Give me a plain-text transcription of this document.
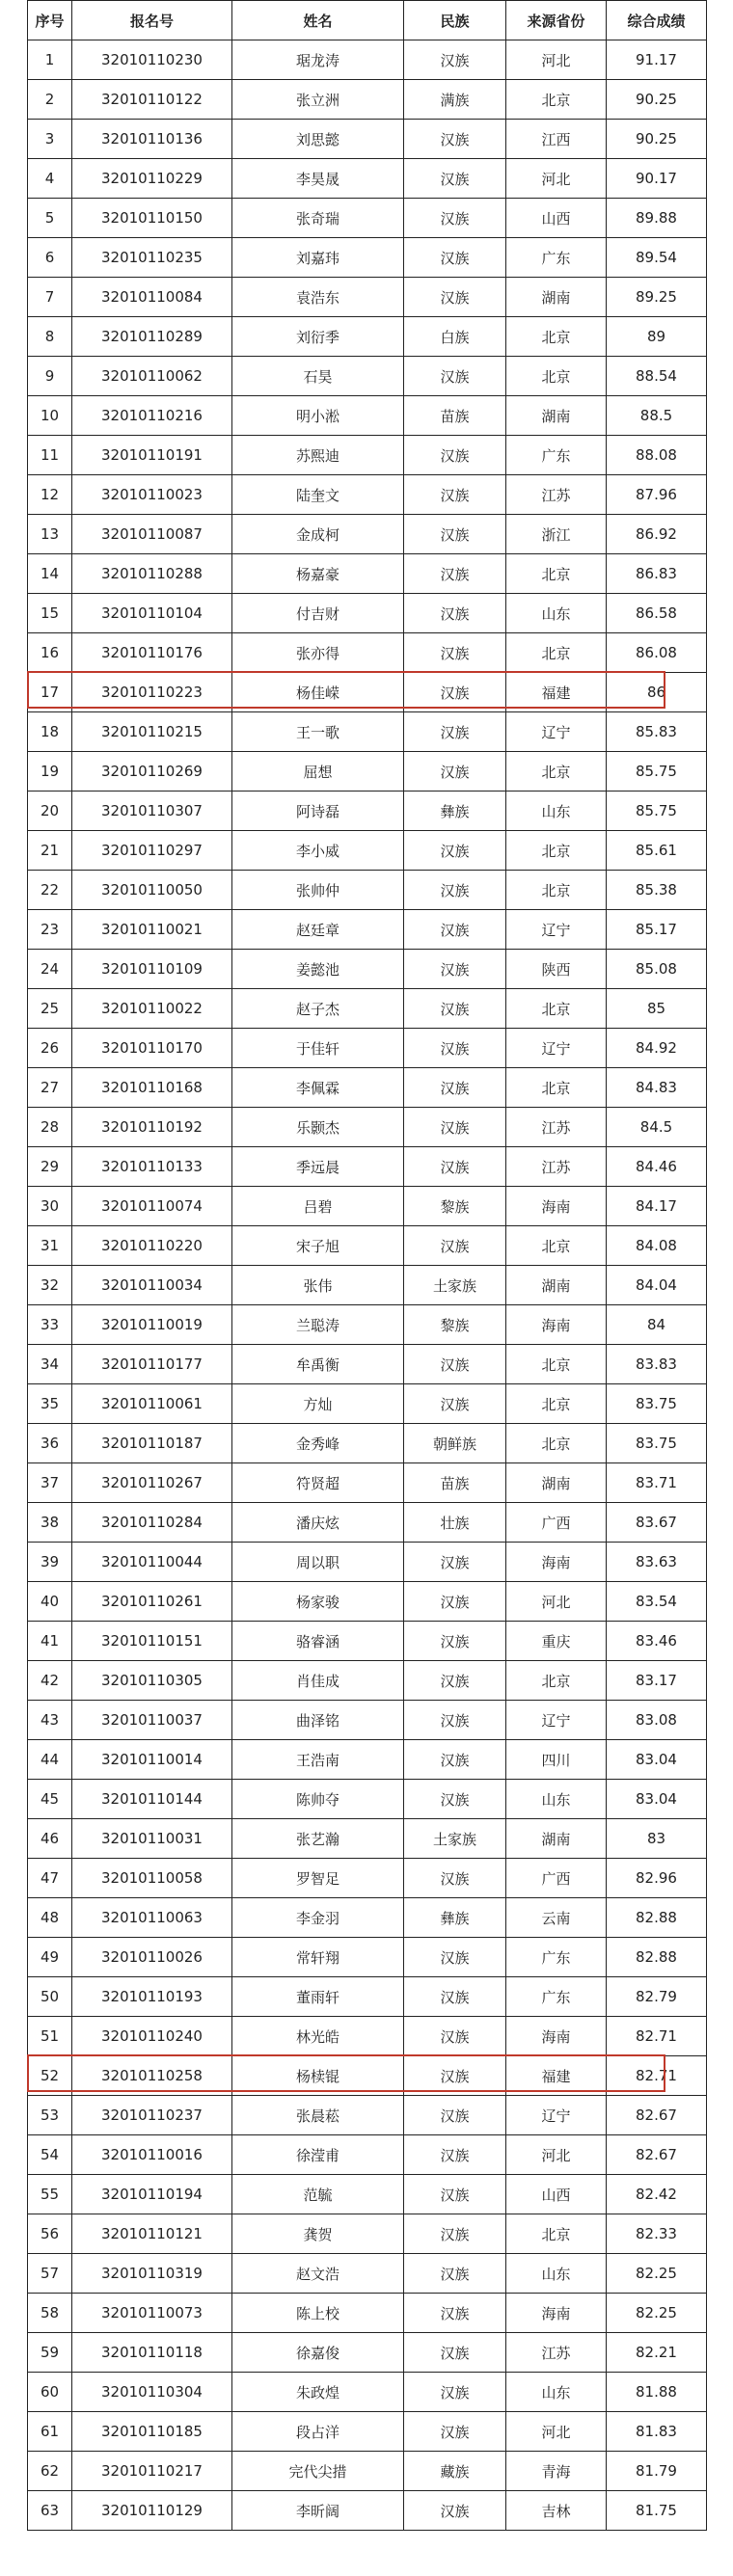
序号	报名号	姓名	民族	来源省份	综合成绩
1	32010110230	琚龙涛	汉族	河北	91.17
2	32010110122	张立洲	满族	北京	90.25
3	32010110136	刘思懿	汉族	江西	90.25
4	32010110229	李昊晟	汉族	河北	90.17
5	32010110150	张奇瑞	汉族	山西	89.88
6	32010110235	刘嘉玮	汉族	广东	89.54
7	32010110084	袁浩东	汉族	湖南	89.25
8	32010110289	刘衍季	白族	北京	89
9	32010110062	石昊	汉族	北京	88.54
10	32010110216	明小淞	苗族	湖南	88.5
11	32010110191	苏熙迪	汉族	广东	88.08
12	32010110023	陆奎文	汉族	江苏	87.96
13	32010110087	金成柯	汉族	浙江	86.92
14	32010110288	杨嘉豪	汉族	北京	86.83
15	32010110104	付吉财	汉族	山东	86.58
16	32010110176	张亦得	汉族	北京	86.08
17	32010110223	杨佳嵘	汉族	福建	86
18	32010110215	王一歌	汉族	辽宁	85.83
19	32010110269	屈想	汉族	北京	85.75
20	32010110307	阿诗磊	彝族	山东	85.75
21	32010110297	李小威	汉族	北京	85.61
22	32010110050	张帅仲	汉族	北京	85.38
23	32010110021	赵廷章	汉族	辽宁	85.17
24	32010110109	姜懿池	汉族	陕西	85.08
25	32010110022	赵子杰	汉族	北京	85
26	32010110170	于佳轩	汉族	辽宁	84.92
27	32010110168	李佩霖	汉族	北京	84.83
28	32010110192	乐颢杰	汉族	江苏	84.5
29	32010110133	季远晨	汉族	江苏	84.46
30	32010110074	吕碧	黎族	海南	84.17
31	32010110220	宋子旭	汉族	北京	84.08
32	32010110034	张伟	土家族	湖南	84.04
33	32010110019	兰聪涛	黎族	海南	84
34	32010110177	牟禹衡	汉族	北京	83.83
35	32010110061	方灿	汉族	北京	83.75
36	32010110187	金秀峰	朝鲜族	北京	83.75
37	32010110267	符贤超	苗族	湖南	83.71
38	32010110284	潘庆炫	壮族	广西	83.67
39	32010110044	周以职	汉族	海南	83.63
40	32010110261	杨家骏	汉族	河北	83.54
41	32010110151	骆睿涵	汉族	重庆	83.46
42	32010110305	肖佳成	汉族	北京	83.17
43	32010110037	曲泽铭	汉族	辽宁	83.08
44	32010110014	王浩南	汉族	四川	83.04
45	32010110144	陈帅夺	汉族	山东	83.04
46	32010110031	张艺瀚	土家族	湖南	83
47	32010110058	罗智足	汉族	广西	82.96
48	32010110063	李金羽	彝族	云南	82.88
49	32010110026	常轩翔	汉族	广东	82.88
50	32010110193	董雨轩	汉族	广东	82.79
51	32010110240	林光皓	汉族	海南	82.71
52	32010110258	杨椟锟	汉族	福建	82.71
53	32010110237	张晨菘	汉族	辽宁	82.67
54	32010110016	徐滢甫	汉族	河北	82.67
55	32010110194	范毓	汉族	山西	82.42
56	32010110121	龚贺	汉族	北京	82.33
57	32010110319	赵文浩	汉族	山东	82.25
58	32010110073	陈上校	汉族	海南	82.25
59	32010110118	徐嘉俊	汉族	江苏	82.21
60	32010110304	朱政煌	汉族	山东	81.88
61	32010110185	段占洋	汉族	河北	81.83
62	32010110217	完代尖措	藏族	青海	81.79
63	32010110129	李昕阔	汉族	吉林	81.75
